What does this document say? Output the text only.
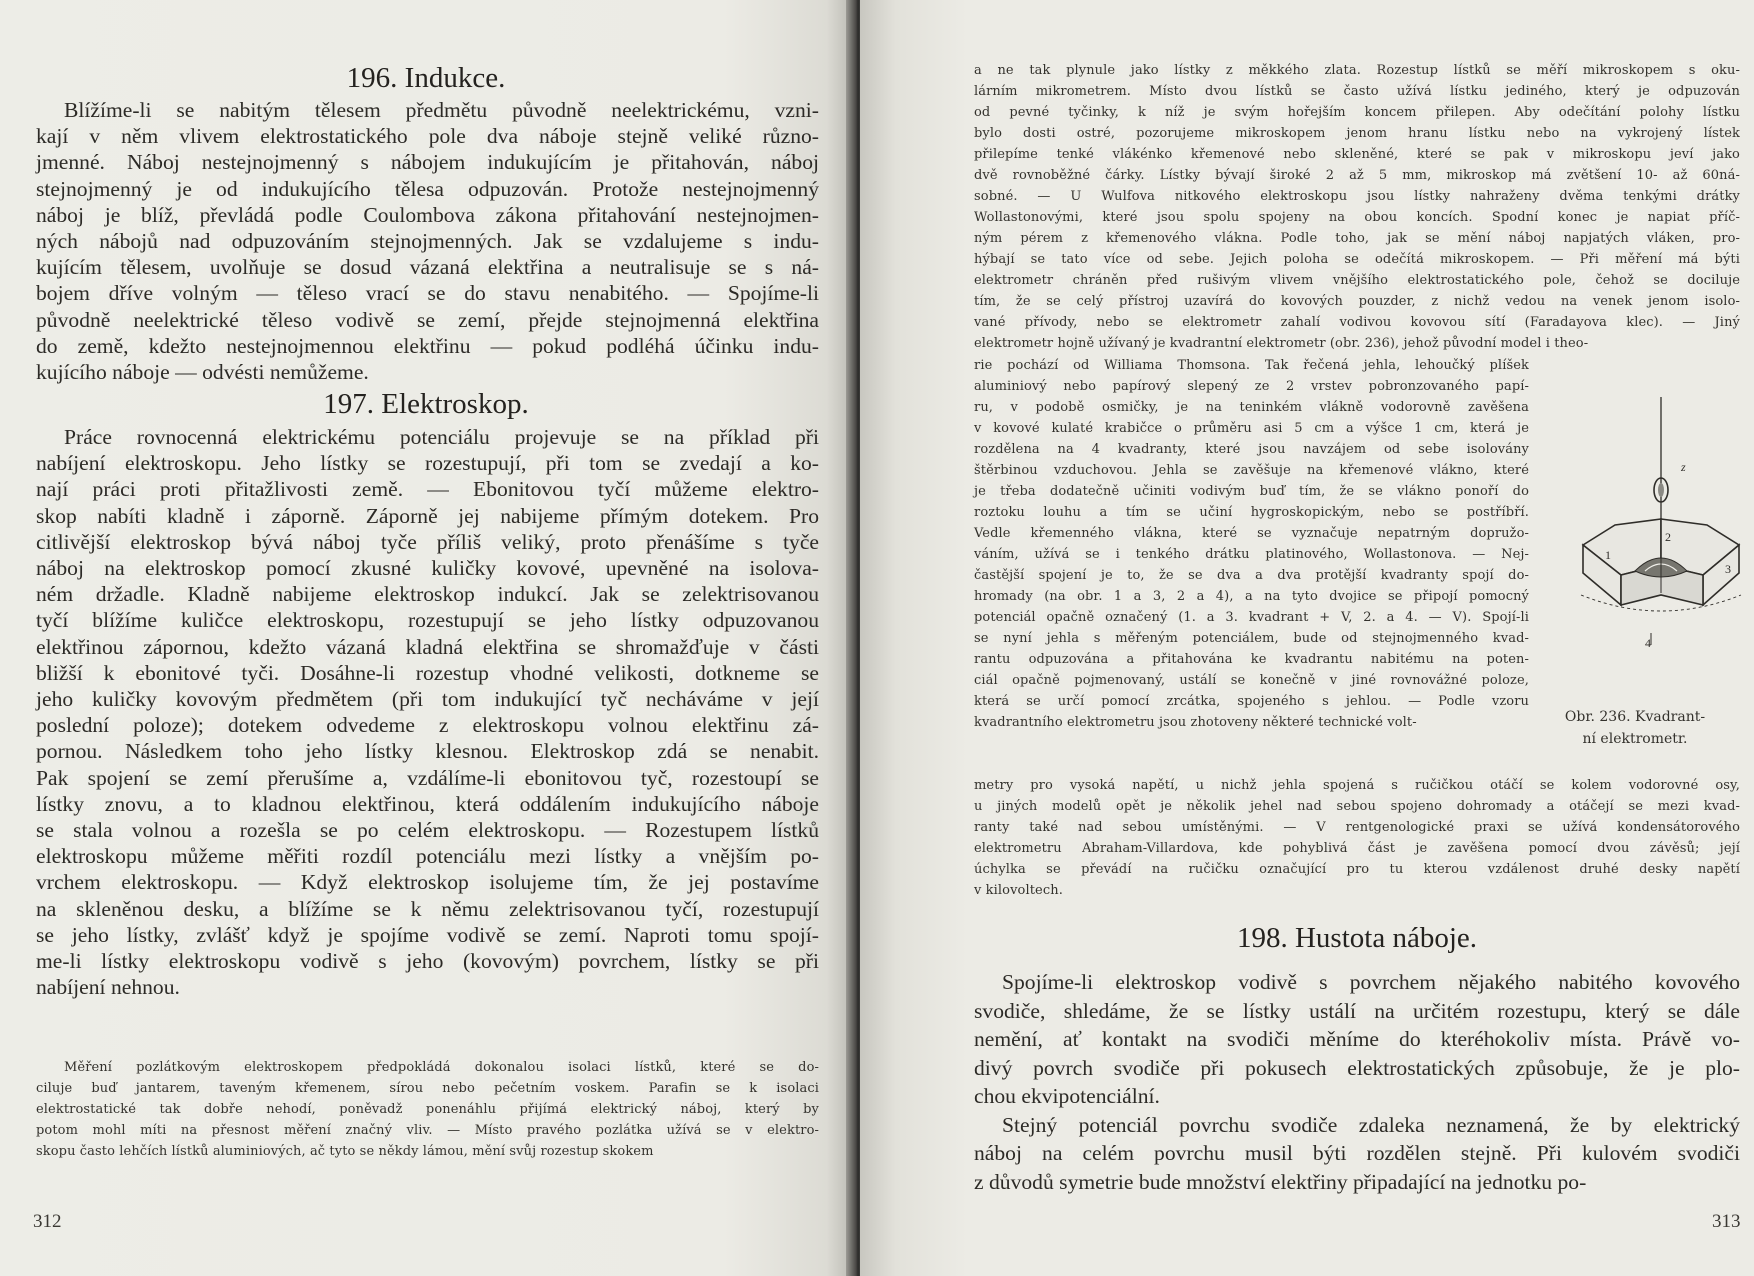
196. Indukce.
Blížíme-li se nabitým tělesem předmětu původně neelektrickému, vzni-
kají v něm vlivem elektrostatického pole dva náboje stejně veliké různo-
jmenné. Náboj nestejnojmenný s nábojem indukujícím je přitahován, náboj
stejnojmenný je od indukujícího tělesa odpuzován. Protože nestejnojmenný
náboj je blíž, převládá podle Coulombova zákona přitahování nestejnojmen-
ných nábojů nad odpuzováním stejnojmenných. Jak se vzdalujeme s indu-
kujícím tělesem, uvolňuje se dosud vázaná elektřina a neutralisuje se s ná-
bojem dříve volným — těleso vrací se do stavu nenabitého. — Spojíme-li
původně neelektrické těleso vodivě se zemí, přejde stejnojmenná elektřina
do země, kdežto nestejnojmennou elektřinu — pokud podléhá účinku indu-
kujícího náboje — odvésti nemůžeme.
197. Elektroskop.
Práce rovnocenná elektrickému potenciálu projevuje se na příklad při
nabíjení elektroskopu. Jeho lístky se rozestupují, při tom se zvedají a ko-
nají práci proti přitažlivosti země. — Ebonitovou tyčí můžeme elektro-
skop nabíti kladně i záporně. Záporně jej nabijeme přímým dotekem. Pro
citlivější elektroskop bývá náboj tyče příliš veliký, proto přenášíme s tyče
náboj na elektroskop pomocí zkusné kuličky kovové, upevněné na isolova-
ném držadle. Kladně nabijeme elektroskop indukcí. Jak se zelektrisovanou
tyčí blížíme kuličce elektroskopu, rozestupují se jeho lístky odpuzovanou
elektřinou zápornou, kdežto vázaná kladná elektřina se shromažďuje v části
bližší k ebonitové tyči. Dosáhne-li rozestup vhodné velikosti, dotkneme se
jeho kuličky kovovým předmětem (při tom indukující tyč necháváme v její
poslední poloze); dotekem odvedeme z elektroskopu volnou elektřinu zá-
pornou. Následkem toho jeho lístky klesnou. Elektroskop zdá se nenabit.
Pak spojení se zemí přerušíme a, vzdálíme-li ebonitovou tyč, rozestoupí se
lístky znovu, a to kladnou elektřinou, která oddálením indukujícího náboje
se stala volnou a rozešla se po celém elektroskopu. — Rozestupem lístků
elektroskopu můžeme měřiti rozdíl potenciálu mezi lístky a vnějším po-
vrchem elektroskopu. — Když elektroskop isolujeme tím, že jej postavíme
na skleněnou desku, a blížíme se k němu zelektrisovanou tyčí, rozestupují
se jeho lístky, zvlášť když je spojíme vodivě se zemí. Naproti tomu spojí-
me-li lístky elektroskopu vodivě s jeho (kovovým) povrchem, lístky se při
nabíjení nehnou.
Měření pozlátkovým elektroskopem předpokládá dokonalou isolaci lístků, které se do-
ciluje buď jantarem, taveným křemenem, sírou nebo pečetním voskem. Parafin se k isolaci
elektrostatické tak dobře nehodí, poněvadž ponenáhlu přijímá elektrický náboj, který by
potom mohl míti na přesnost měření značný vliv. — Místo pravého pozlátka užívá se v elektro-
skopu často lehčích lístků aluminiových, ač tyto se někdy lámou, mění svůj rozestup skokem
312
a ne tak plynule jako lístky z měkkého zlata. Rozestup lístků se měří mikroskopem s oku-
lárním mikrometrem. Místo dvou lístků se často užívá lístku jediného, který je odpuzován
od pevné tyčinky, k níž je svým hořejším koncem přilepen. Aby odečítání polohy lístku
bylo dosti ostré, pozorujeme mikroskopem jenom hranu lístku nebo na vykrojený lístek
přilepíme tenké vlákénko křemenové nebo skleněné, které se pak v mikroskopu jeví jako
dvě rovnoběžné čárky. Lístky bývají široké 2 až 5 mm, mikroskop má zvětšení 10- až 60ná-
sobné. — U Wulfova nitkového elektroskopu jsou lístky nahraženy dvěma tenkými drátky
Wollastonovými, které jsou spolu spojeny na obou koncích. Spodní konec je napiat příč-
ným pérem z křemenového vlákna. Podle toho, jak se mění náboj napjatých vláken, pro-
hýbají se tato více od sebe. Jejich poloha se odečítá mikroskopem. — Při měření má býti
elektrometr chráněn před rušivým vlivem vnějšího elektrostatického pole, čehož se dociluje
tím, že se celý přístroj uzavírá do kovových pouzder, z nichž vedou na venek jenom isolo-
vané přívody, nebo se elektrometr zahalí vodivou kovovou sítí (Faradayova klec). — Jiný
elektrometr hojně užívaný je kvadrantní elektrometr (obr. 236), jehož původní model i theo-
rie pochází od Williama Thomsona. Tak řečená jehla, lehoučký plíšek
aluminiový nebo papírový slepený ze 2 vrstev pobronzovaného papí-
ru, v podobě osmičky, je na teninkém vlákně vodorovně zavěšena
v kovové kulaté krabičce o průměru asi 5 cm a výšce 1 cm, která je
rozdělena na 4 kvadranty, které jsou navzájem od sebe isolovány
štěrbinou vzduchovou. Jehla se zavěšuje na křemenové vlákno, které
je třeba dodatečně učiniti vodivým buď tím, že se vlákno ponoří do
roztoku louhu a tím se učiní hygroskopickým, nebo se postříbří.
Vedle křemenného vlákna, které se vyznačuje nepatrným dopružo-
váním, užívá se i tenkého drátku platinového, Wollastonova. — Nej-
častější spojení je to, že se dva a dva protější kvadranty spojí do-
hromady (na obr. 1 a 3, 2 a 4), a na tyto dvojice se připojí pomocný
potenciál opačně označený (1. a 3. kvadrant + V, 2. a 4. — V). Spojí-li
se nyní jehla s měřeným potenciálem, bude od stejnojmenného kvad-
rantu odpuzována a přitahována ke kvadrantu nabitému na poten-
ciál opačně pojmenovaný, ustálí se konečně v jiné rovnovážné poloze,
která se určí pomocí zrcátka, spojeného s jehlou. — Podle vzoru
kvadrantního elektrometru jsou zhotoveny některé technické volt-
1
2
3
4
z
Obr. 236. Kvadrant-
ní elektrometr.
metry pro vysoká napětí, u nichž jehla spojená s ručičkou otáčí se kolem vodorovné osy,
u jiných modelů opět je několik jehel nad sebou spojeno dohromady a otáčejí se mezi kvad-
ranty také nad sebou umístěnými. — V rentgenologické praxi se užívá kondensátorového
elektrometru Abraham-Villardova, kde pohyblivá část je zavěšena pomocí dvou závěsů; její
úchylka se převádí na ručičku označující pro tu kterou vzdálenost druhé desky napětí
v kilovoltech.
198. Hustota náboje.
Spojíme-li elektroskop vodivě s povrchem nějakého nabitého kovového
svodiče, shledáme, že se lístky ustálí na určitém rozestupu, který se dále
nemění, ať kontakt na svodiči měníme do kteréhokoliv místa. Právě vo-
divý povrch svodiče při pokusech elektrostatických způsobuje, že je plo-
chou ekvipotenciální.
Stejný potenciál povrchu svodiče zdaleka neznamená, že by elektrický
náboj na celém povrchu musil býti rozdělen stejně. Při kulovém svodiči
z důvodů symetrie bude množství elektřiny připadající na jednotku po-
313
